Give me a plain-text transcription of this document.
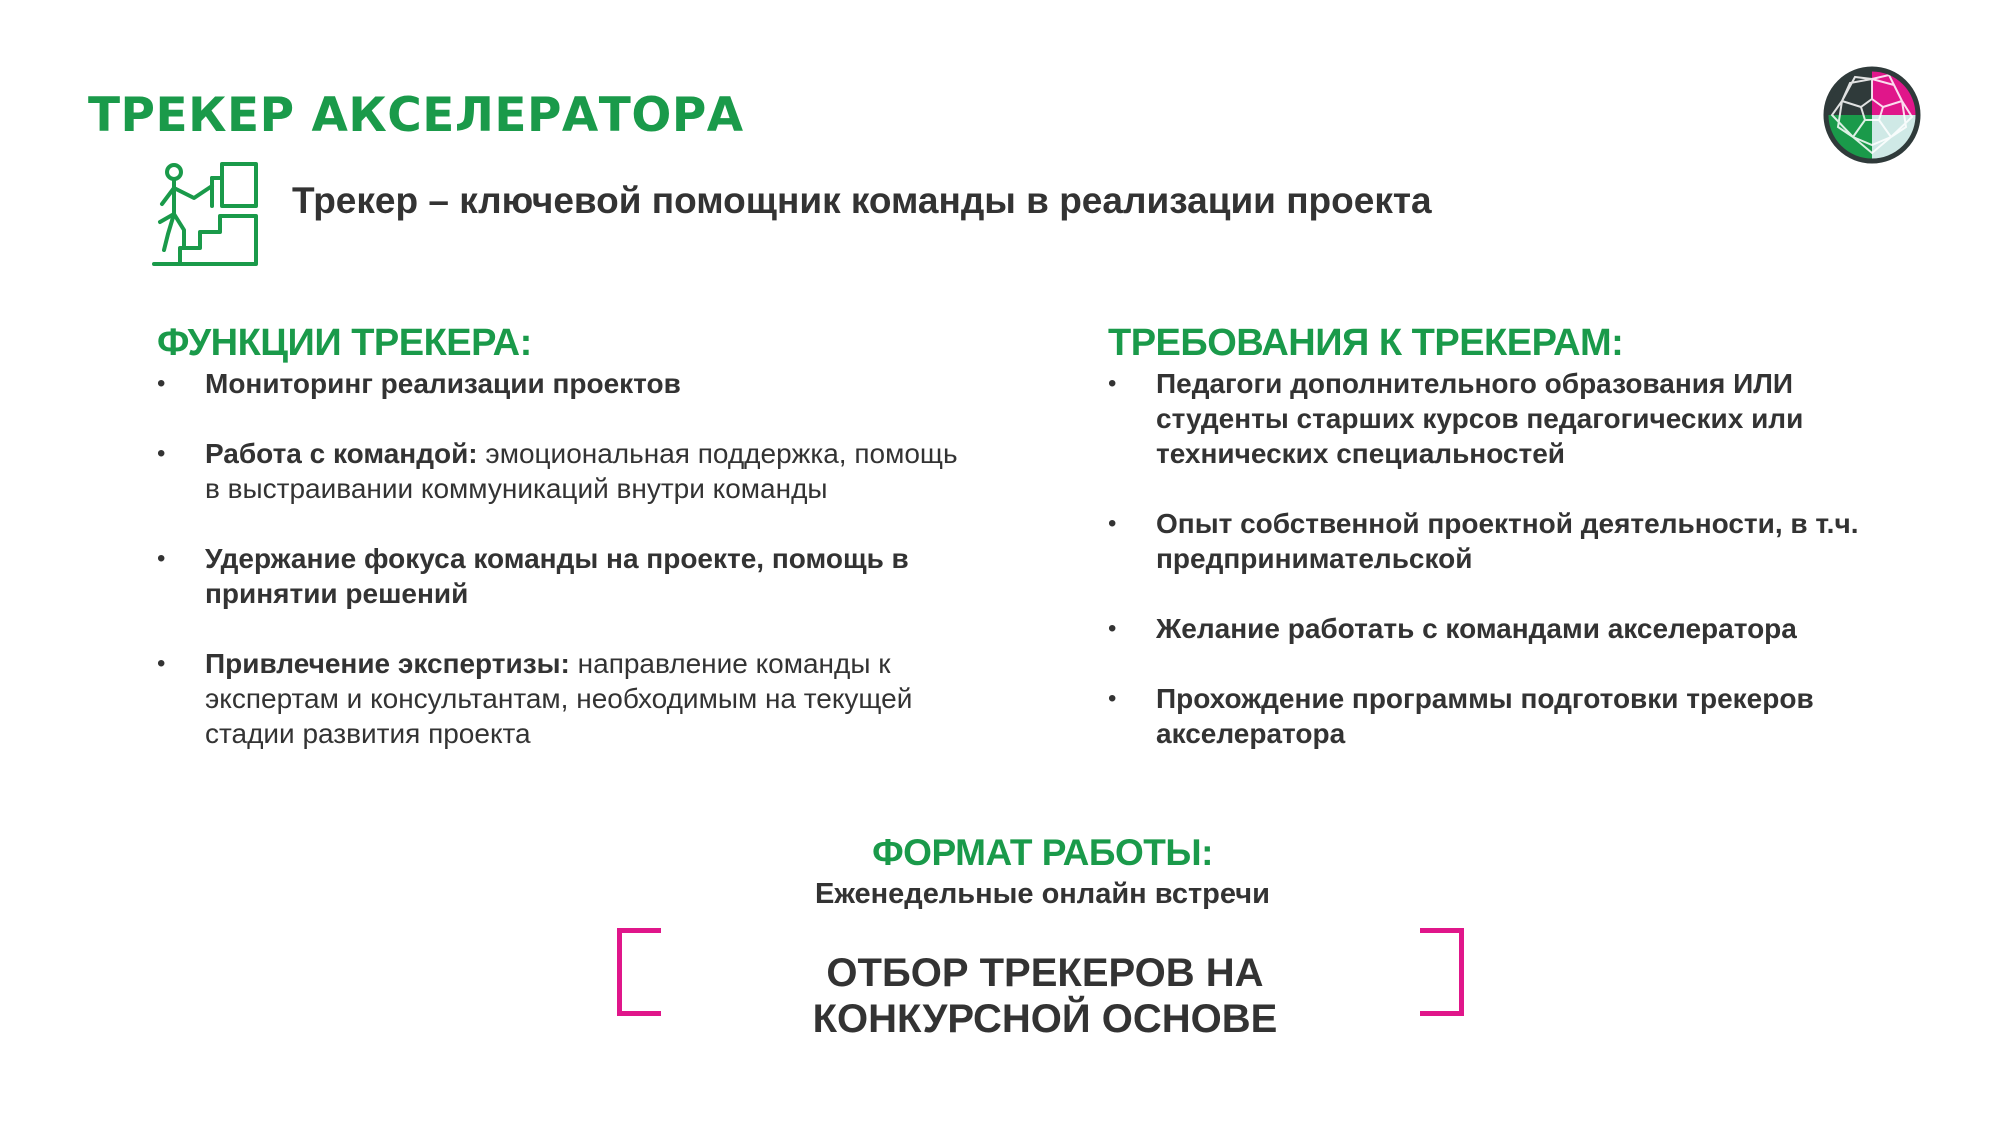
ТРЕКЕР АКСЕЛЕРАТОРА
Трекер – ключевой помощник команды в реализации проекта
ФУНКЦИИ ТРЕКЕРА:
• Мониторинг реализации проектов
• Работа с командой: эмоциональная поддержка, помощь в выстраивании коммуникаций внутри команды
• Удержание фокуса команды на проекте, помощь в принятии решений
• Привлечение экспертизы: направление команды к экспертам и консультантам, необходимым на текущей стадии развития проекта
ТРЕБОВАНИЯ К ТРЕКЕРАМ:
• Педагоги дополнительного образования ИЛИ студенты старших курсов педагогических или технических специальностей
• Опыт собственной проектной деятельности, в т.ч. предпринимательской
• Желание работать с командами акселератора
• Прохождение программы подготовки трекеров акселератора
ФОРМАТ РАБОТЫ:
Еженедельные онлайн встречи
ОТБОР ТРЕКЕРОВ НА КОНКУРСНОЙ ОСНОВЕ
